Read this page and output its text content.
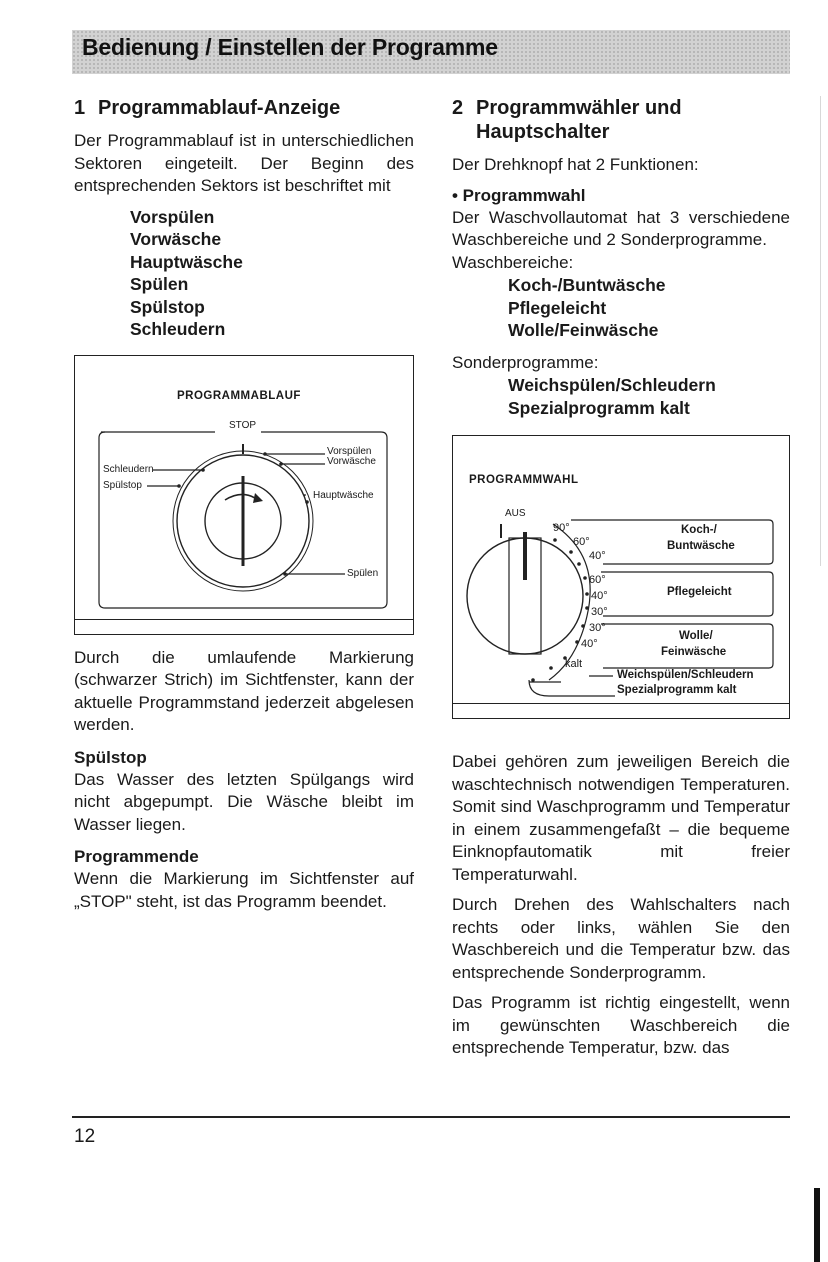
Bedienung / Einstellen der Programme
1 Programmablauf-Anzeige

Der Programmablauf ist in unterschiedlichen Sektoren eingeteilt. Der Beginn des entsprechenden Sektors ist beschriftet mit

Vorspülen
Vorwäsche
Hauptwäsche
Spülen
Spülstop
Schleudern
PROGRAMMABLAUF
STOP
Vorspülen
Vorwäsche
Schleudern
Spülstop
Hauptwäsche
Spülen

Durch die umlaufende Markierung (schwarzer Strich) im Sichtfenster, kann der aktuelle Programmstand jederzeit abgelesen werden.

Spülstop

Das Wasser des letzten Spülgangs wird nicht abgepumpt. Die Wäsche bleibt im Wasser liegen.

Programmende

Wenn die Markierung im Sichtfenster auf „STOP" steht, ist das Programm beendet.

2 Programmwähler und
Hauptschalter

Der Drehknopf hat 2 Funktionen:

• Programmwahl

Der Waschvollautomat hat 3 verschiedene Waschbereiche und 2 Sonderprogramme.

Waschbereiche:

Koch-/Buntwäsche
Pflegeleicht
Wolle/Feinwäsche

Sonderprogramme:

Weichspülen/Schleudern
Spezialprogramm kalt
PROGRAMMWAHL
AUS
90°
60°
40°
60°
40°
30°
30°
40°
kalt
Koch-/
Buntwäsche
Pflegeleicht
Wolle/
Feinwäsche
Weichspülen/Schleudern
Spezialprogramm kalt

Dabei gehören zum jeweiligen Bereich die waschtechnisch notwendigen Temperaturen. Somit sind Waschprogramm und Temperatur in einem zusammengefaßt – die bequeme Einknopfautomatik mit freier Temperaturwahl.

Durch Drehen des Wahlschalters nach rechts oder links, wählen Sie den Waschbereich und die Temperatur bzw. das entsprechende Sonderprogramm.

Das Programm ist richtig eingestellt, wenn im gewünschten Waschbereich die entsprechende Temperatur, bzw. das

12
